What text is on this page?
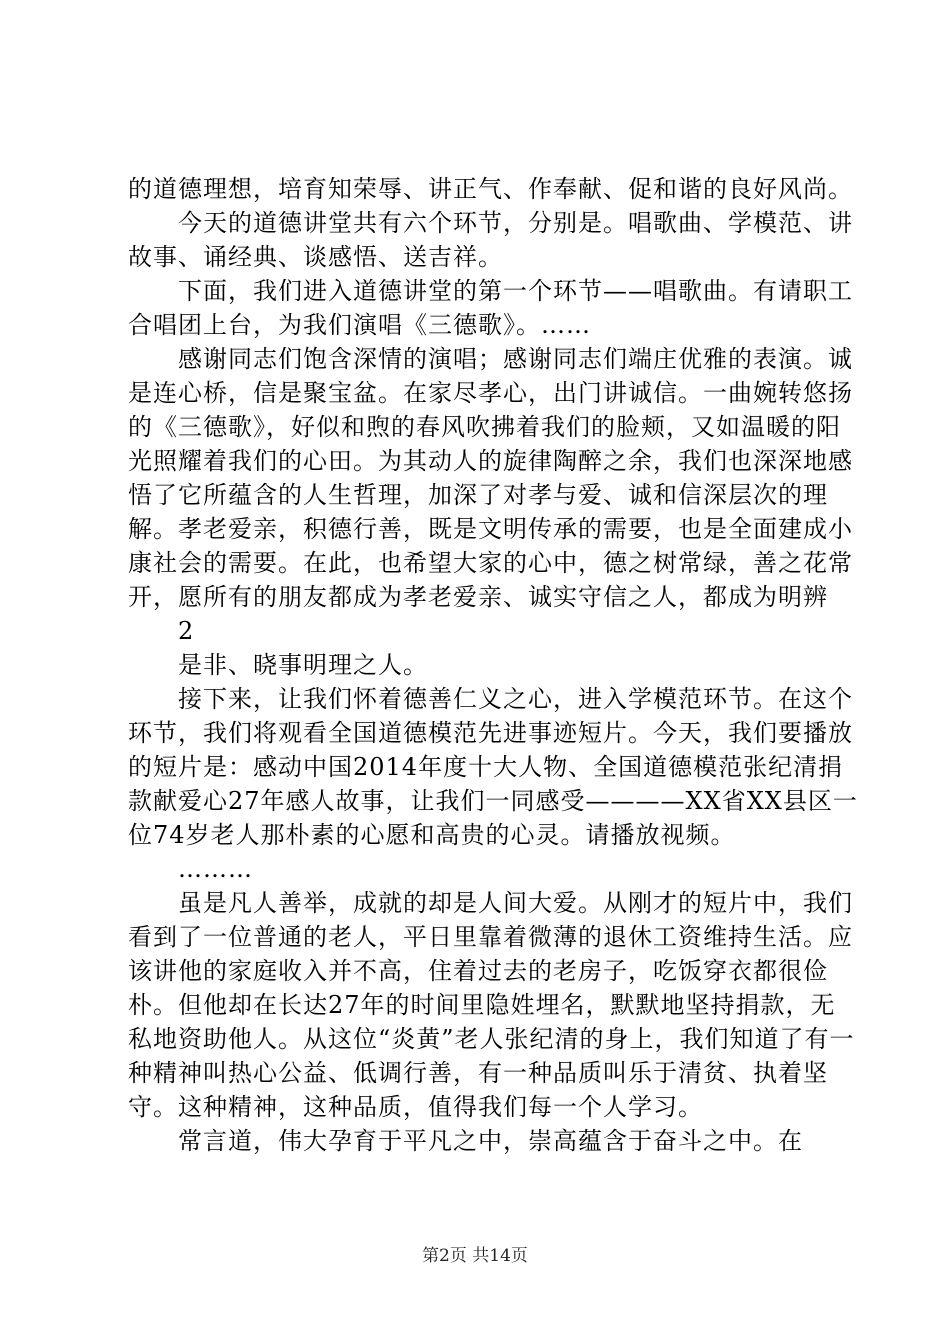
的道德理想，培育知荣辱、讲正气、作奉献、促和谐的良好风尚。

今天的道德讲堂共有六个环节，分别是。唱歌曲、学模范、讲故事、诵经典、谈感悟、送吉祥。

下面，我们进入道德讲堂的第一个环节——唱歌曲。有请职工合唱团上台，为我们演唱《三德歌》。……

感谢同志们饱含深情的演唱；感谢同志们端庄优雅的表演。诚是连心桥，信是聚宝盆。在家尽孝心，出门讲诚信。一曲婉转悠扬的《三德歌》，好似和煦的春风吹拂着我们的脸颊，又如温暖的阳光照耀着我们的心田。为其动人的旋律陶醉之余，我们也深深地感悟了它所蕴含的人生哲理，加深了对孝与爱、诚和信深层次的理解。孝老爱亲，积德行善，既是文明传承的需要，也是全面建成小康社会的需要。在此，也希望大家的心中，德之树常绿，善之花常开，愿所有的朋友都成为孝老爱亲、诚实守信之人，都成为明辨

2

是非、晓事明理之人。

接下来，让我们怀着德善仁义之心，进入学模范环节。在这个环节，我们将观看全国道德模范先进事迹短片。今天，我们要播放的短片是：感动中国2014年度十大人物、全国道德模范张纪清捐款献爱心27年感人故事，让我们一同感受————XX省XX县区一位74岁老人那朴素的心愿和高贵的心灵。请播放视频。

………

虽是凡人善举，成就的却是人间大爱。从刚才的短片中，我们看到了一位普通的老人，平日里靠着微薄的退休工资维持生活。应该讲他的家庭收入并不高，住着过去的老房子，吃饭穿衣都很俭朴。但他却在长达27年的时间里隐姓埋名，默默地坚持捐款，无私地资助他人。从这位“炎黄”老人张纪清的身上，我们知道了有一种精神叫热心公益、低调行善，有一种品质叫乐于清贫、执着坚守。这种精神，这种品质，值得我们每一个人学习。

常言道，伟大孕育于平凡之中，崇高蕴含于奋斗之中。在

第2页 共14页
